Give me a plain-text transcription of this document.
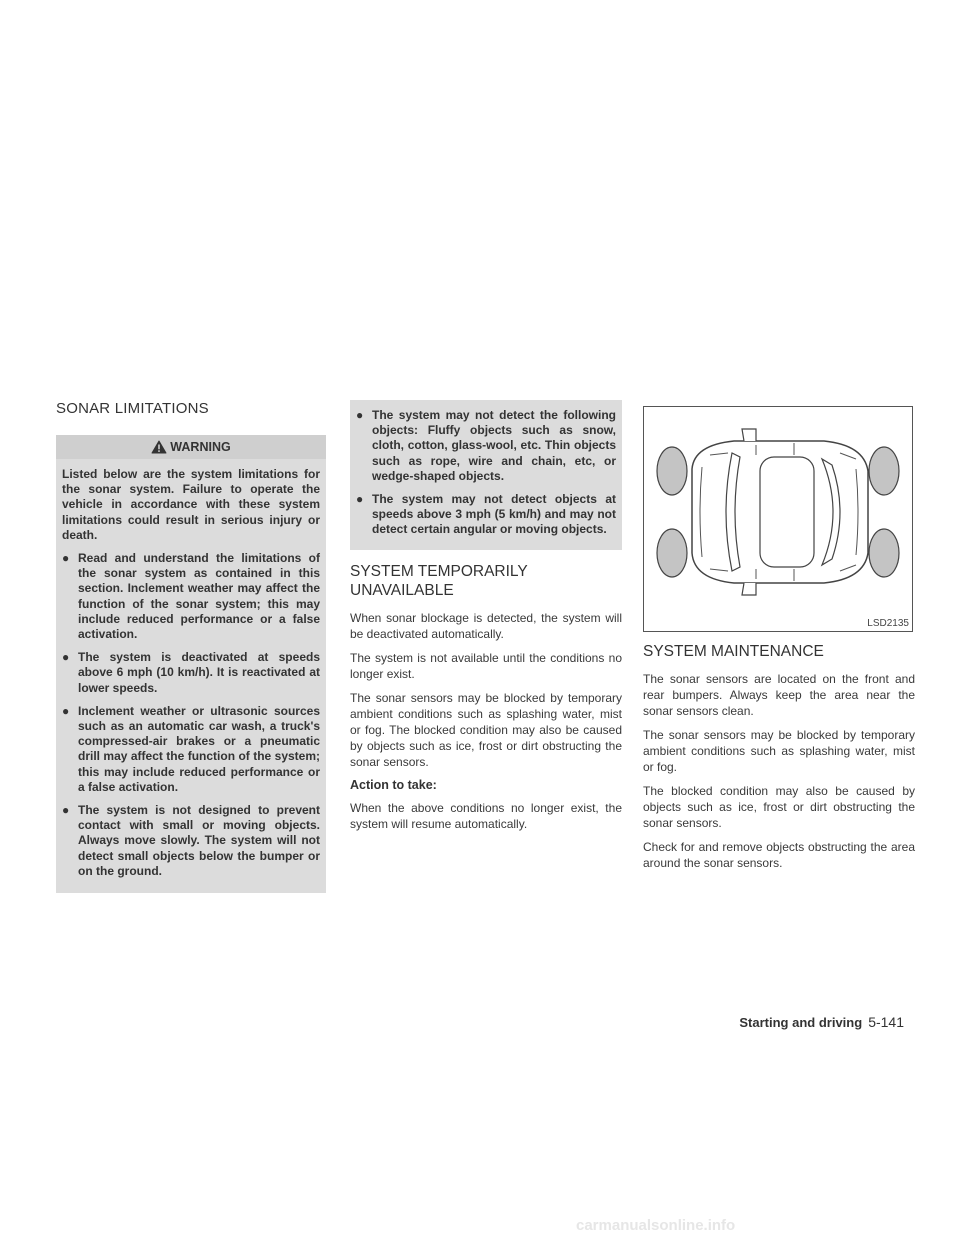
SONAR LIMITATIONS
WARNING

Listed below are the system limitations for the sonar system. Failure to operate the vehicle in accordance with these system limitations could result in serious injury or death.

● Read and understand the limitations of the sonar system as contained in this section. Inclement weather may affect the function of the sonar system; this may include reduced performance or a false activation.
● The system is deactivated at speeds above 6 mph (10 km/h). It is reactivated at lower speeds.
● Inclement weather or ultrasonic sources such as an automatic car wash, a truck's compressed-air brakes or a pneumatic drill may affect the function of the system; this may include reduced performance or a false activation.
● The system is not designed to prevent contact with small or moving objects. Always move slowly. The system will not detect small objects below the bumper or on the ground.
● The system may not detect the following objects: Fluffy objects such as snow, cloth, cotton, glass-wool, etc. Thin objects such as rope, wire and chain, etc, or wedge-shaped objects.
● The system may not detect objects at speeds above 3 mph (5 km/h) and may not detect certain angular or moving objects.
SYSTEM TEMPORARILY UNAVAILABLE

When sonar blockage is detected, the system will be deactivated automatically.

The system is not available until the conditions no longer exist.

The sonar sensors may be blocked by temporary ambient conditions such as splashing water, mist or fog. The blocked condition may also be caused by objects such as ice, frost or dirt obstructing the sonar sensors.

Action to take:

When the above conditions no longer exist, the system will resume automatically.

LSD2135
SYSTEM MAINTENANCE

The sonar sensors are located on the front and rear bumpers. Always keep the area near the sonar sensors clean.

The sonar sensors may be blocked by temporary ambient conditions such as splashing water, mist or fog.

The blocked condition may also be caused by objects such as ice, frost or dirt obstructing the sonar sensors.

Check for and remove objects obstructing the area around the sonar sensors.

Starting and driving 5-141
carmanualsonline.info
